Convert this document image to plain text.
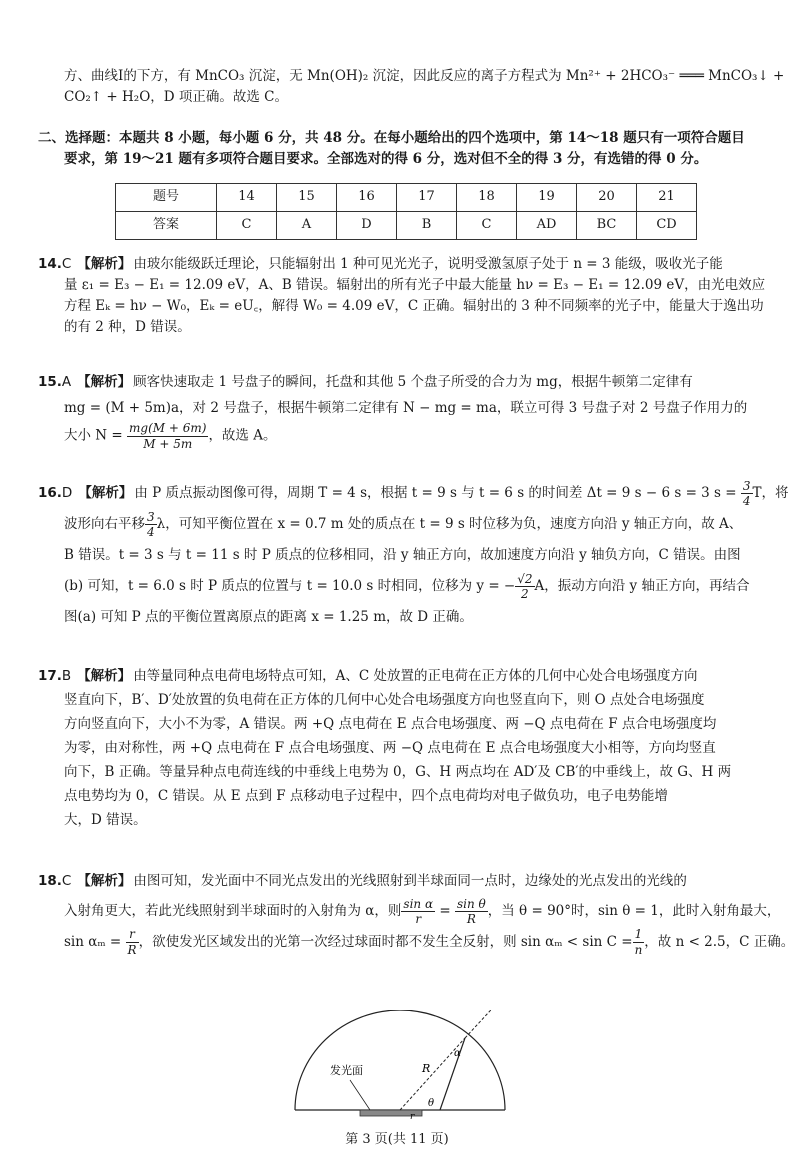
方、曲线Ⅰ的下方，有 MnCO₃ 沉淀，无 Mn(OH)₂ 沉淀，因此反应的离子方程式为 Mn²⁺ + 2HCO₃⁻ ═══ MnCO₃↓ +
CO₂↑ + H₂O，D 项正确。故选 C。

二、选择题：本题共 8 小题，每小题 6 分，共 48 分。在每小题给出的四个选项中，第 14～18 题只有一项符合题目
要求，第 19～21 题有多项符合题目要求。全部选对的得 6 分，选对但不全的得 3 分，有选错的得 0 分。

题号	14	15	16	17	18	19	20	21
答案	C	A	D	B	C	AD	BC	CD

14.C 【解析】 由玻尔能级跃迁理论，只能辐射出 1 种可见光光子，说明受激氢原子处于 n = 3 能级，吸收光子能
量 ε₁ = E₃ − E₁ = 12.09 eV，A、B 错误。辐射出的所有光子中最大能量 hν = E₃ − E₁ = 12.09 eV，由光电效应
方程 Eₖ = hν − W₀，Eₖ = eU꜀，解得 W₀ = 4.09 eV，C 正确。辐射出的 3 种不同频率的光子中，能量大于逸出功
的有 2 种，D 错误。

15.A 【解析】 顾客快速取走 1 号盘子的瞬间，托盘和其他 5 个盘子所受的合力为 mg，根据牛顿第二定律有
mg = (M + 5m)a，对 2 号盘子，根据牛顿第二定律有 N − mg = ma，联立可得 3 号盘子对 2 号盘子作用力的
大小 $N = \frac{mg(M + 6m)}{M + 5m}$ ，故选 A。

16.D 【解析】 由 P 质点振动图像可得，周期 T = 4 s，根据 t = 9 s 与 t = 6 s 的时间差 Δt = 9 s − 6 s = 3 $s = \frac{3}{4}$ T，将
波形向右平移 $\frac{3}{4}$ λ，可知平衡位置在 x = 0.7 m 处的质点在 t = 9 s 时位移为负，速度方向沿 y 轴正方向，故 A、
B 错误。t = 3 s 与 t = 11 s 时 P 质点的位移相同，沿 y 轴正方向，故加速度方向沿 y 轴负方向，C 错误。由图
(b) 可知，t = 6.0 s 时 P 质点的位置与 t = 10.0 s 时相同，位移为 y = − $\frac{√2}{2}$ A，振动方向沿 y 轴正方向，再结合
图(a) 可知 P 点的平衡位置离原点的距离 x = 1.25 m，故 D 正确。

17.B 【解析】 由等量同种点电荷电场特点可知，A、C 处放置的正电荷在正方体的几何中心处合电场强度方向
竖直向下，B′、D′处放置的负电荷在正方体的几何中心处合电场强度方向也竖直向下，则 O 点处合电场强度
方向竖直向下，大小不为零，A 错误。两 +Q 点电荷在 E 点合电场强度、两 −Q 点电荷在 F 点合电场强度均
为零，由对称性，两 +Q 点电荷在 F 点合电场强度、两 −Q 点电荷在 E 点合电场强度大小相等，方向均竖直
向下，B 正确。等量异种点电荷连线的中垂线上电势为 0，G、H 两点均在 AD′及 CB′的中垂线上，故 G、H 两
点电势均为 0，C 错误。从 E 点到 F 点移动电子过程中，四个点电荷均对电子做负功，电子电势能增
大，D 错误。

18.C 【解析】 由图可知，发光面中不同光点发出的光线照射到半球面同一点时，边缘处的光点发出的光线的
入射角更大，若此光线照射到半球面时的入射角为 α，则 $\frac{\text{sin α}}{r} = \frac{\text{sin θ}}{R}$ ，当 θ = 90°时，sin θ = 1，此时入射角最大，
$\sin \alpha_m = \frac{r}{R}$ ，欲使发光区域发出的光第一次经过球面时都不发生全反射，则 $\sin \alpha_m < \sin C = \frac{1}{n}$ ，故 n < 2.5，C 正确。

发光面	R
α
θ
r
第 3 页(共 11 页)
